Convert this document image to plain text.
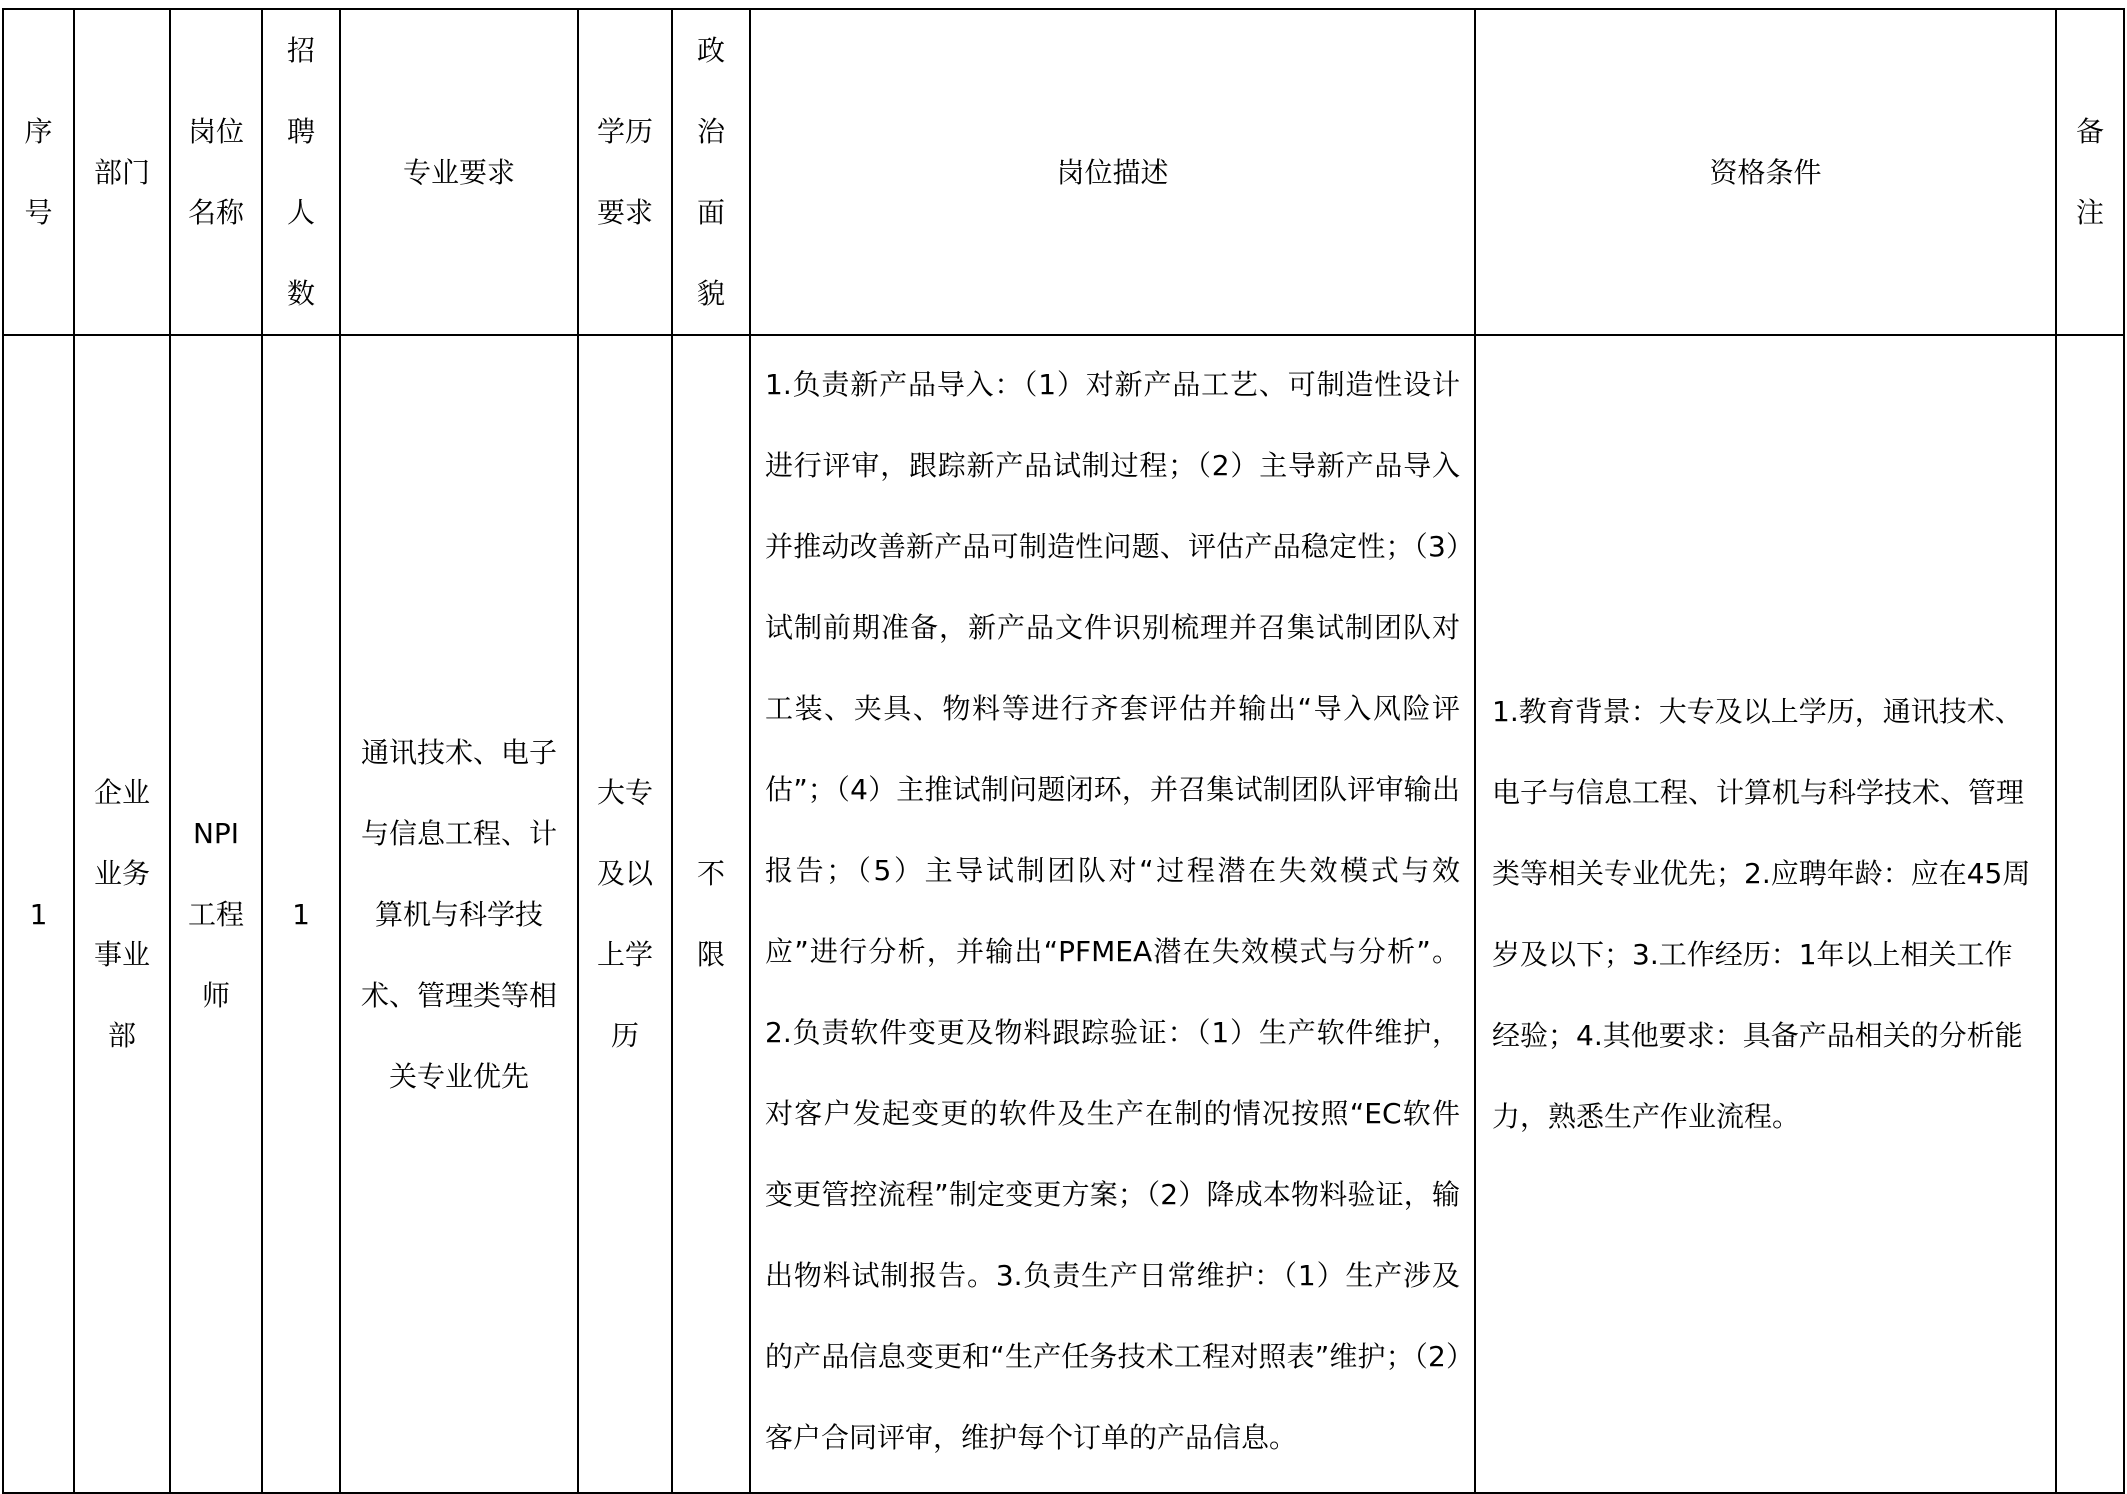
序号	部门	岗位名称	招聘人数	专业要求	学历要求	政治面貌	岗位描述	资格条件	备注

1	企业业务事业部	NPI工程师	1	通讯技术、电子与信息工程、计算机与科学技术、管理类等相关专业优先	大专及以上学历	不限	1.负责新产品导入：（1）对新产品工艺、可制造性设计进行评审，跟踪新产品试制过程；（2）主导新产品导入并推动改善新产品可制造性问题、评估产品稳定性；（3）试制前期准备，新产品文件识别梳理并召集试制团队对工装、夹具、物料等进行齐套评估并输出“导入风险评估”；（4）主推试制问题闭环，并召集试制团队评审输出报告；（5）主导试制团队对“过程潜在失效模式与效应”进行分析，并输出“PFMEA潜在失效模式与分析”。2.负责软件变更及物料跟踪验证：（1）生产软件维护，对客户发起变更的软件及生产在制的情况按照“EC软件变更管控流程”制定变更方案；（2）降成本物料验证，输出物料试制报告。3.负责生产日常维护：（1）生产涉及的产品信息变更和“生产任务技术工程对照表”维护；（2）客户合同评审，维护每个订单的产品信息。	1.教育背景：大专及以上学历，通讯技术、电子与信息工程、计算机与科学技术、管理类等相关专业优先；2.应聘年龄：应在45周岁及以下；3.工作经历：1年以上相关工作经验；4.其他要求：具备产品相关的分析能力，熟悉生产作业流程。	
